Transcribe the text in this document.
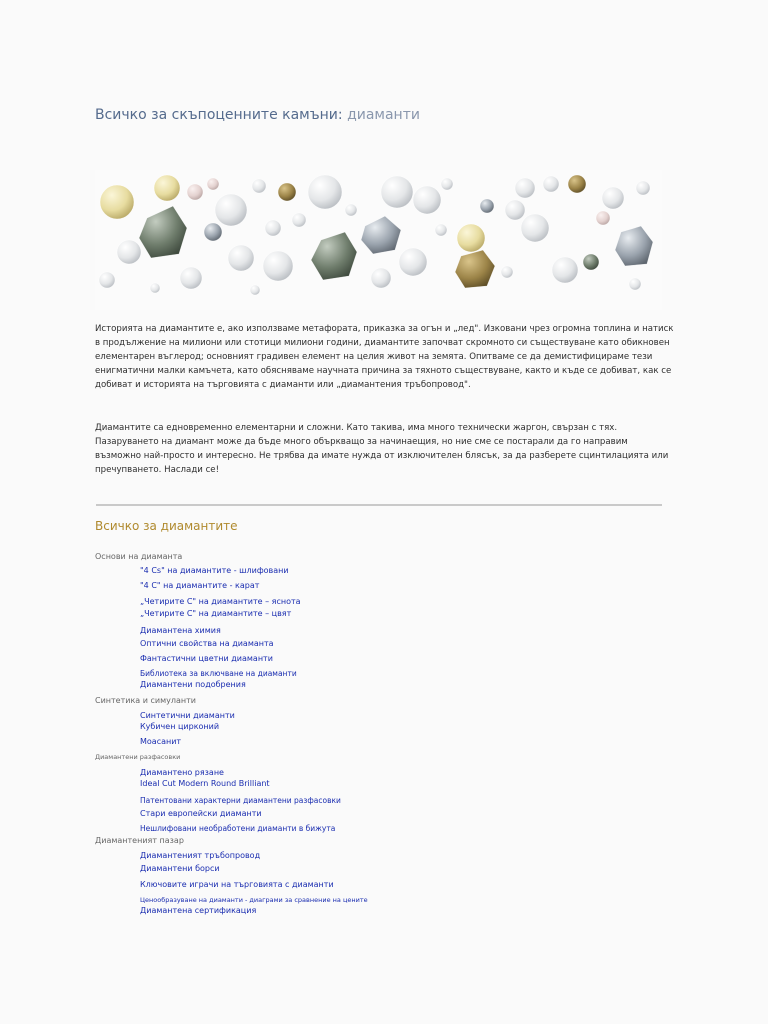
Всичко за скъпоценните камъни: диаманти

Историята на диамантите е, ако използваме метафората, приказка за огън и „лед". Изковани чрез огромна топлина и натиск в продължение на милиони или стотици милиони години, диамантите започват скромното си съществуване като обикновен елементарен въглерод; основният градивен елемент на целия живот на земята. Опитваме се да демистифицираме тези енигматични малки камъчета, като обясняваме научната причина за тяхното съществуване, както и къде се добиват, как се добиват и историята на търговията с диаманти или „диамантения тръбопровод".

Диамантите са едновременно елементарни и сложни. Като такива, има много технически жаргон, свързан с тях. Пазаруването на диамант може да бъде много объркващо за начинаещия, но ние сме се постарали да го направим възможно най-просто и интересно. Не трябва да имате нужда от изключителен блясък, за да разберете сцинтилацията или пречупването. Наслади се!

Всичко за диамантите
Основи на диаманта
"4 Cs" на диамантите - шлифовани
"4 C" на диамантите - карат
„Четирите С" на диамантите – яснота
„Четирите С" на диамантите – цвят
Диамантена химия
Оптични свойства на диаманта
Фантастични цветни диаманти
Библиотека за включване на диаманти
Диамантени подобрения
Синтетика и симуланти
Синтетични диаманти
Кубичен цирконий
Моасанит
Диамантени разфасовки
Диамантено рязане
Ideal Cut Modern Round Brilliant
Патентовани характерни диамантени разфасовки
Стари европейски диаманти
Нешлифовани необработени диаманти в бижута
Диамантеният пазар
Диамантеният тръбопровод
Диамантени борси
Ключовите играчи на търговията с диаманти
Ценообразуване на диаманти - диаграми за сравнение на цените
Диамантена сертификация
